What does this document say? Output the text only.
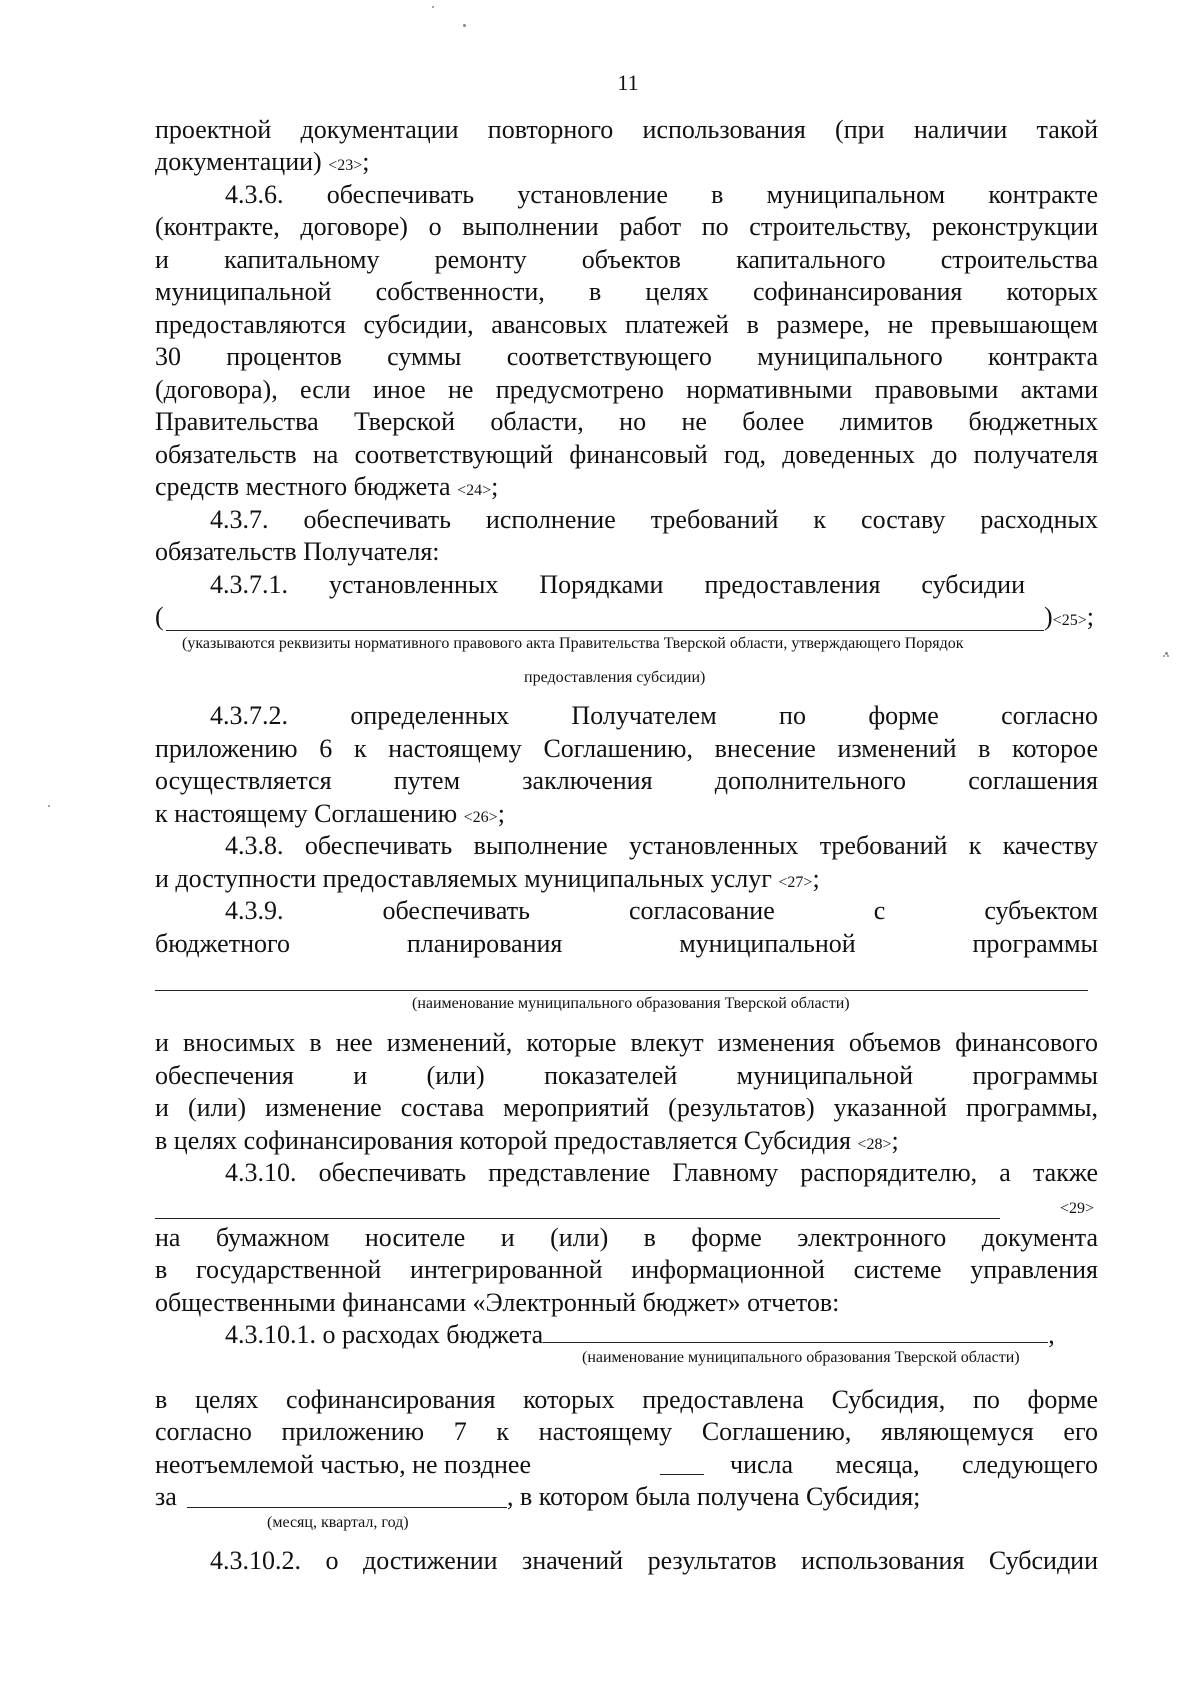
11
проектной документации повторного использования (при наличии такой
документации) <23>;
4.3.6. обеспечивать установление в муниципальном контракте
(контракте, договоре) о выполнении работ по строительству, реконструкции
и капитальному ремонту объектов капитального строительства
муниципальной собственности, в целях софинансирования которых
предоставляются субсидии, авансовых платежей в размере, не превышающем
30 процентов суммы соответствующего муниципального контракта
(договора), если иное не предусмотрено нормативными правовыми актами
Правительства Тверской области, но не более лимитов бюджетных
обязательств на соответствующий финансовый год, доведенных до получателя
средств местного бюджета <24>;
4.3.7. обеспечивать исполнение требований к составу расходных
обязательств Получателя:
4.3.7.1. установленных Порядками предоставления субсидии
(	)<25>;
(указываются реквизиты нормативного правового акта Правительства Тверской области, утверждающего Порядок
предоставления субсидии)
4.3.7.2. определенных Получателем по форме согласно
приложению 6 к настоящему Соглашению, внесение изменений в которое
осуществляется путем заключения дополнительного соглашения
к настоящему Соглашению <26>;
4.3.8. обеспечивать выполнение установленных требований к качеству
и доступности предоставляемых муниципальных услуг <27>;
4.3.9. обеспечивать согласование с субъектом
бюджетного планирования муниципальной программы
(наименование муниципального образования Тверской области)
и вносимых в нее изменений, которые влекут изменения объемов финансового
обеспечения и (или) показателей муниципальной программы
и (или) изменение состава мероприятий (результатов) указанной программы,
в целях софинансирования которой предоставляется Субсидия <28>;
4.3.10. обеспечивать представление Главному распорядителю, а также
<29>
на бумажном носителе и (или) в форме электронного документа
в государственной интегрированной информационной системе управления
общественными финансами «Электронный бюджет» отчетов:
4.3.10.1. о расходах бюджета	,
(наименование муниципального образования Тверской области)
в целях софинансирования которых предоставлена Субсидия, по форме
согласно приложению 7 к настоящему Соглашению, являющемуся его
неотъемлемой частью, не позднее	числа месяца, следующего
за	, в котором была получена Субсидия;
(месяц, квартал, год)
4.3.10.2. о достижении значений результатов использования Субсидии
